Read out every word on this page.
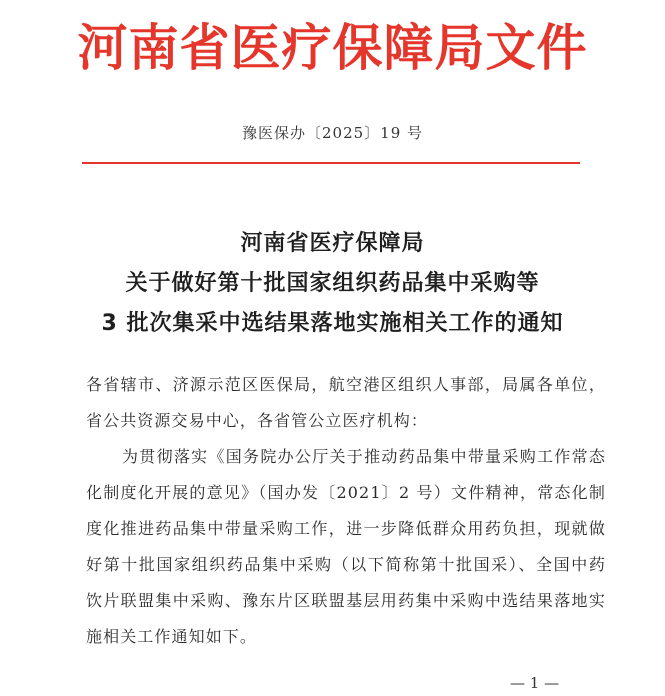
河南省医疗保障局文件
豫医保办〔2025〕19 号
河南省医疗保障局
关于做好第十批国家组织药品集中采购等
3 批次集采中选结果落地实施相关工作的通知

各省辖市、济源示范区医保局，航空港区组织人事部，局属各单位，省公共资源交易中心，各省管公立医疗机构：

为贯彻落实《国务院办公厅关于推动药品集中带量采购工作常态化制度化开展的意见》（国办发〔2021〕2 号）文件精神，常态化制度化推进药品集中带量采购工作，进一步降低群众用药负担，现就做好第十批国家组织药品集中采购（以下简称第十批国采）、全国中药饮片联盟集中采购、豫东片区联盟基层用药集中采购中选结果落地实施相关工作通知如下。

— 1 —
